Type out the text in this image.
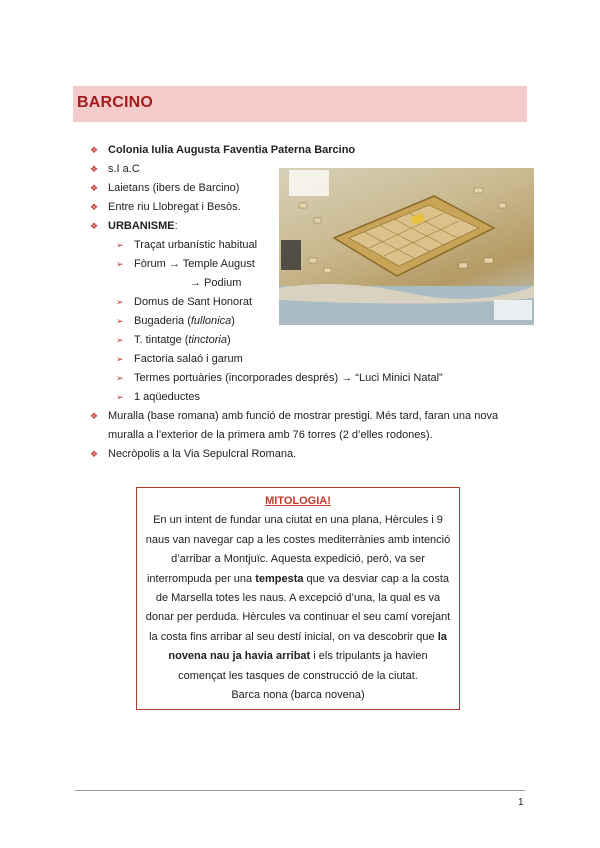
BARCINO
❖ Colonia Iulia Augusta Faventia Paterna Barcino
❖ s.I a.C
❖ Laietans (ibers de Barcino)
❖ Entre riu Llobregat i Besòs.
❖ URBANISME:
➢ Traçat urbanístic habitual
➢ Fòrum → Temple August
→ Podium
➢ Domus de Sant Honorat
➢ Bugaderia (fullonica)
➢ T. tintatge (tinctoria)
➢ Factoria salaó i garum
➢ Termes portuàries (incorporades després) → “Luci Minici Natal”
➢ 1 aqüeductes
❖ Muralla (base romana) amb funció de mostrar prestigi. Més tard, faran una nova muralla a l’exterior de la primera amb 76 torres (2 d’elles rodones).
❖ Necròpolis a la Via Sepulcral Romana.
MITOLOGIA!
En un intent de fundar una ciutat en una plana, Hèrcules i 9 naus van navegar cap a les costes mediterrànies amb intenció d’arribar a Montjuïc. Aquesta expedició, però, va ser interrompuda per una tempesta que va desviar cap a la costa de Marsella totes les naus. A excepció d’una, la qual es va donar per perduda. Hèrcules va continuar el seu camí vorejant la costa fins arribar al seu destí inicial, on va descobrir que la novena nau ja havia arribat i els tripulants ja havien començat les tasques de construcció de la ciutat.
Barca nona (barca novena)
1
